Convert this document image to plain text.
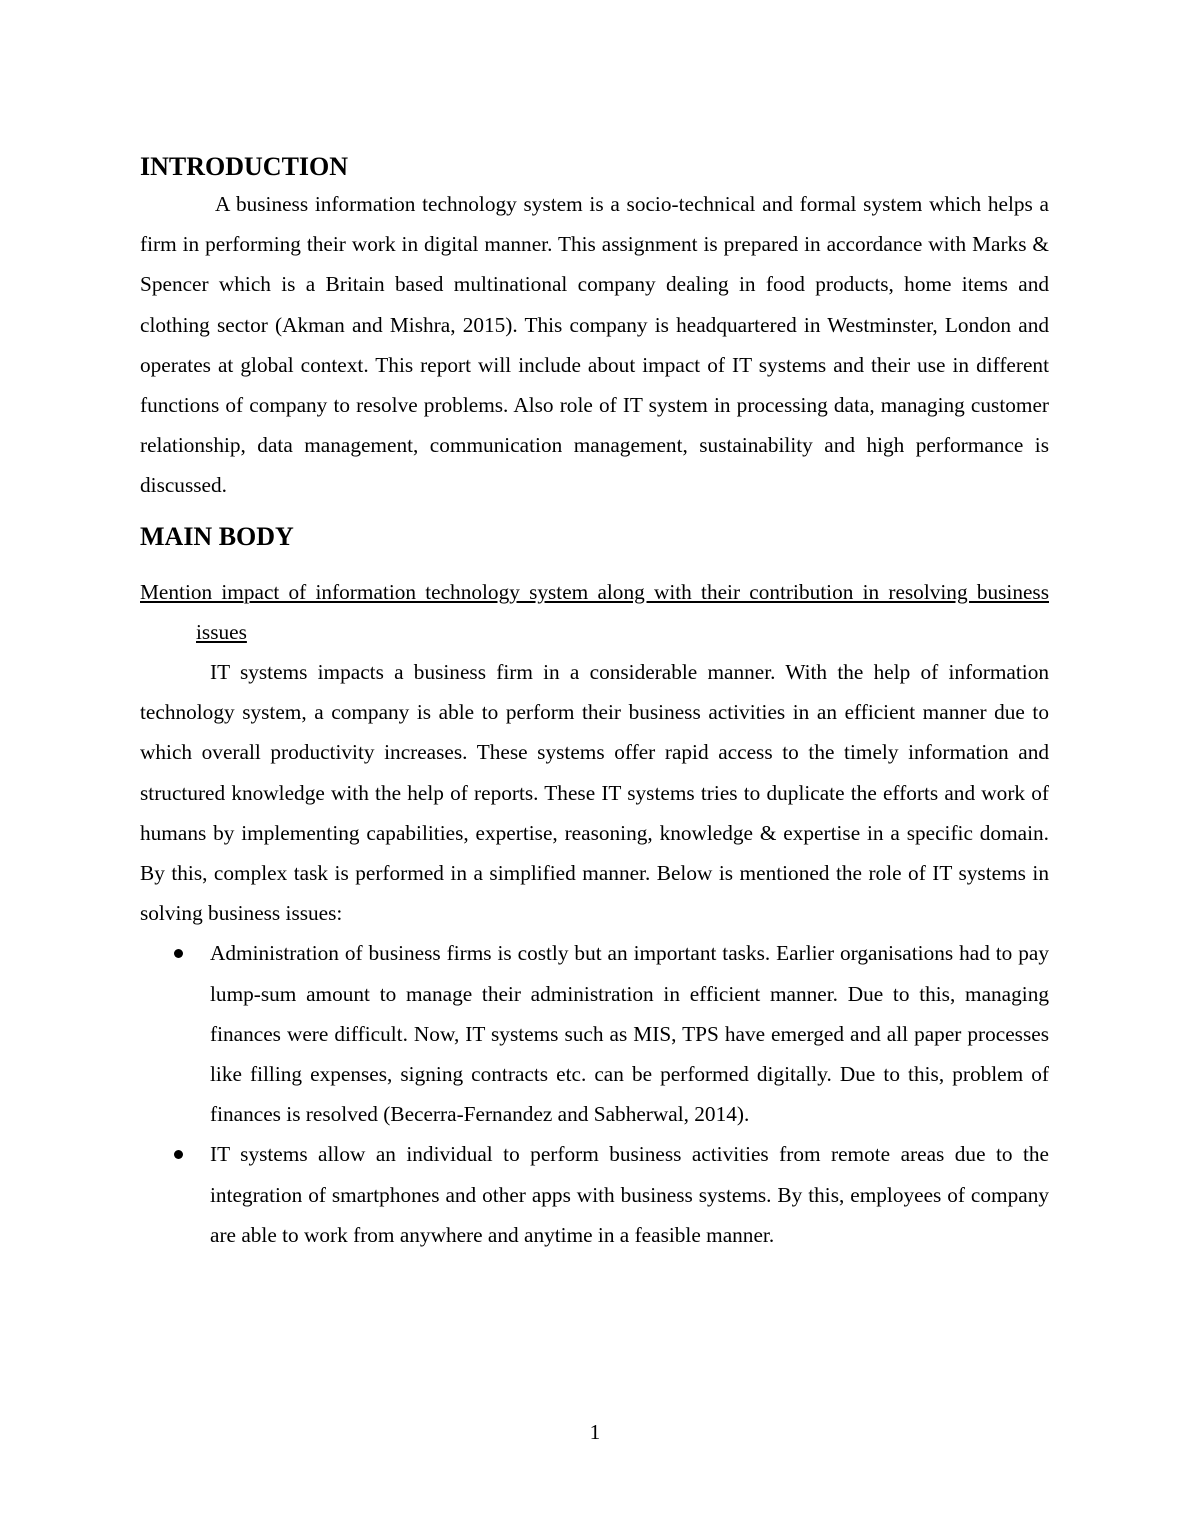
INTRODUCTION

A business information technology system is a socio-technical and formal system which helps a firm in performing their work in digital manner. This assignment is prepared in accordance with Marks & Spencer which is a Britain based multinational company dealing in food products, home items and clothing sector (Akman and Mishra, 2015). This company is headquartered in Westminster, London and operates at global context. This report will include about impact of IT systems and their use in different functions of company to resolve problems. Also role of IT system in processing data, managing customer relationship, data management, communication management, sustainability and high performance is discussed.

MAIN BODY

Mention impact of information technology system along with their contribution in resolving business issues

IT systems impacts a business firm in a considerable manner. With the help of information technology system, a company is able to perform their business activities in an efficient manner due to which overall productivity increases. These systems offer rapid access to the timely information and structured knowledge with the help of reports. These IT systems tries to duplicate the efforts and work of humans by implementing capabilities, expertise, reasoning, knowledge & expertise in a specific domain. By this, complex task is performed in a simplified manner. Below is mentioned the role of IT systems in solving business issues:

Administration of business firms is costly but an important tasks. Earlier organisations had to pay lump-sum amount to manage their administration in efficient manner. Due to this, managing finances were difficult. Now, IT systems such as MIS, TPS have emerged and all paper processes like filling expenses, signing contracts etc. can be performed digitally. Due to this, problem of finances is resolved (Becerra-Fernandez and Sabherwal, 2014).
IT systems allow an individual to perform business activities from remote areas due to the integration of smartphones and other apps with business systems. By this, employees of company are able to work from anywhere and anytime in a feasible manner.
1
